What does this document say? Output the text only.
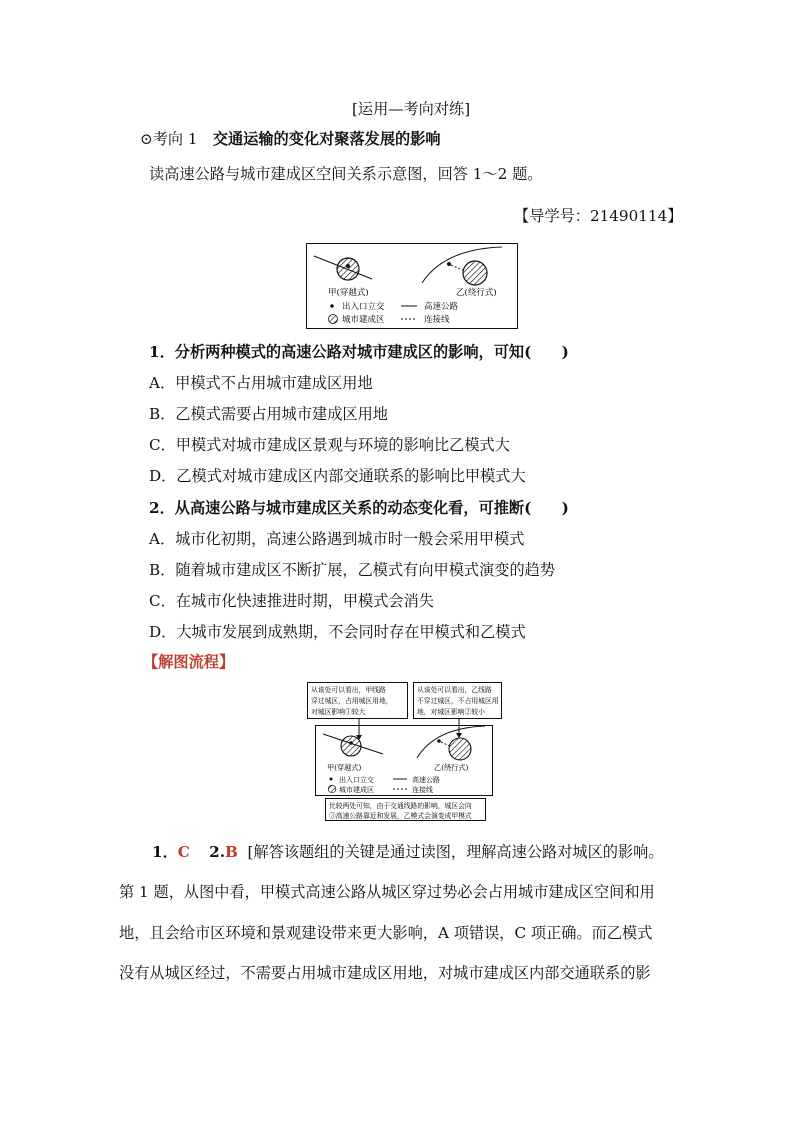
[运用—考向对练]
⊙考向 1　 交通运输的变化对聚落发展的影响
读高速公路与城市建成区空间关系示意图，回答 1～2 题。
【导学号：21490114】
甲(穿越式)	乙(绕行式)
出入口立交
城市建成区
高速公路
连接线
1．分析两种模式的高速公路对城市建成区的影响，可知(　　)
A．甲模式不占用城市建成区用地
B．乙模式需要占用城市建成区用地
C．甲模式对城市建成区景观与环境的影响比乙模式大
D．乙模式对城市建成区内部交通联系的影响比甲模式大
2．从高速公路与城市建成区关系的动态变化看，可推断(　　)
A．城市化初期，高速公路遇到城市时一般会采用甲模式
B．随着城市建成区不断扩展，乙模式有向甲模式演变的趋势
C．在城市化快速推进时期，甲模式会消失
D．大城市发展到成熟期，不会同时存在甲模式和乙模式
【解图流程】
从该处可以看出，甲线路
穿过城区，占用城区用地，
对城区影响①较大
从该处可以看出，乙线路
不穿过城区，不占用城区用
地，对城区影响②较小
甲(穿越式)	乙(绕行式)
出入口立交
城市建成区
高速公路
连接线
比较两处可知，由于交通线路的影响，城区会向
③高速公路靠近和发展，乙模式会演变成甲模式
1．C 2.B [解答该题组的关键是通过读图，理解高速公路对城区的影响。
第 1 题，从图中看，甲模式高速公路从城区穿过势必会占用城市建成区空间和用
地，且会给市区环境和景观建设带来更大影响，A 项错误，C 项正确。而乙模式
没有从城区经过，不需要占用城市建成区用地，对城市建成区内部交通联系的影
